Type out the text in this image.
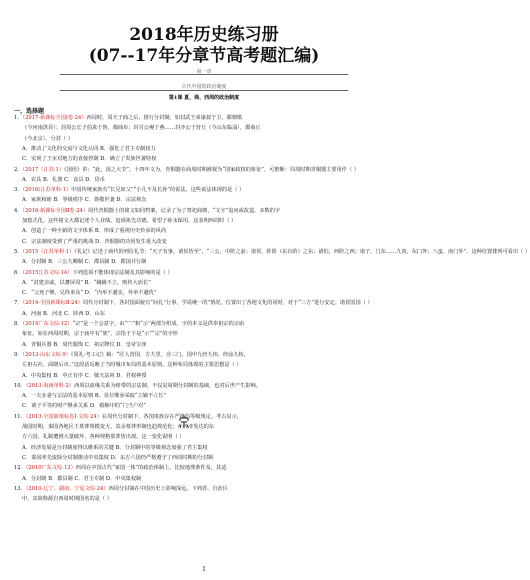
2018年历史练习册
(07--17年分章节高考题汇编)
第一章
古代中国的政治制度
第1课 夏、商、西周的政治制度
一、选择题
1．（2017·新课标全国Ⅰ卷·24）西周时，周天子商之后，推行分封制，如封武王弟康叔于卫，都朝歌
（今河南淇县）；封周公长子伯禽于鲁，都曲阜；封召公奭于燕……封齐公于营丘（今山东临淄），都商丘
（今北京）。分封（ ）
A．推动了文化的交流与文化认同 B．强化了君主专制权力
C．实现了王室对地方的直接控制 D．确立了贵族世袭特权
2．（2017（江苏·1）《国语》讲：“此，国之大节”。十四年文为，青铜器在商周时期被视为“国家政权的象征”，可推断：周周时期青铜器主要用作（ ）
A．农具 B．礼器 C．食具 D．货币
3．（2016(江苏单科·1）中国传统家族有“长兄如父”“小儿不及长孙”的说法。这些说法体现的是（ ）
A．家族和睦 B．等级秩序 C．尊敬世袭 D．宗法观念
4．（2016·新课标全国Ⅱ卷·24）周代青铜器上的铭文如同档案，记录了为了祭祀商朝，“文字”追问或改造，多数的字
加悠式化。这些铭文大都记述个人业绩，追颂祖先功德，希望子孙永保用。这表明西周时（ ）
A．创造了一种全新的文字体系 B．形成了重视历史传承的风尚
C．宗法制度受到了严重的挑战 D．青铜器的功用发生重大改变
5．（2015（江苏单科·1）《礼记》记述了商代的列位礼节：“天子有事，诸侯皆至”，“三公，中阶之前；诸侯，阼阶（东台阶）之东；诸伯，西阶之西；诸子，门东……九夷，东门外；八蛮，南门外”，这种位置排列可看出（ ）
A．分封制 B．三公九卿制 C．郡县制 D．郡国并行制
6．（2015江苏文综·14）下列选项不能体现宗法制及其影响的是（ ）
A．“封建亲戚，以蕃屏周” B．“嫡嫡不立，则传大而长”
C．“父死子继，兄终弟及” D．“内举不避亲，外举不避仇”
7．（2014·全国新课标Ⅱ·24）周代分封制下，各封国面貌有“间礼”行事，学说统一的”情况，位置出了各地文化的同时，对于“三方”进行安定。诸侯国国（ ）
A．河南 B．河北 C．陕西 D．山东
8．（2014广东文综·12）“宗”是一个会意字，由“宀”和“示”两部分组成，字的本义是供奉祖宗的宗庙
象征。如在西周时期，宗子庙中有“族”，宗指于下是“示”“宗”的字形
A．青铜兵器 B．周代服饰 C．祖宗牌位 D．皇帝宝座
9．（2013·山东文综·9）《周礼·考工记》载：“匠人营国，方九里，旁三门。国中九经九纬，经涂九轨，
左祖右社，面朝后市。”这段话反映了当时城市布局的基本原则。这种布局体现的主要思想是（ ）
A．中央集权 B．中正有序 C．敬天法祖 D．君权神授
10．（2013·海南单科·2）西周以血缘关系为纽带的宗法制，不仅是周期分封制的基础，也对后世产生影响。
A．一夫多妻与宗法的基本原则 B．显位继承采取“立嫡不立长”
C．诸子平等的财产继承关系 D．婚姻中的“门当户对”
11．（2013·全国新课标卷Ⅰ·文综·24）在周代分封制下，各国贵族存在严格的等级规定。考古显示，
战国时期，秦国各地区王墓葬规模变大，其余墓葬形制也趋规范化；在经济发达的东
方六国，礼制遭到大量破坏，各种规格墓葬皆出现。这一变化说明（ ）
A．经济发展是分封制度得以维系的关键 B．分封制中的等级观念加强了君主集权
C．秦国率先废除分封制推动中央集权 D．东方六国仍严格遵守了西周时期的分封制
12．（2010广东文综·12）西周在中国古代“家国一体”的政治体制上，比较地理条件及，其适
A．分封制 B．郡县制 C．君主专制 D．中央集权制
13．（2010·辽宁、湖南、宁夏文综·24）西周分封制在中国历史上影响深远。下列省、自治区
中，其简称源自西周时期国名的是（ ）
1
